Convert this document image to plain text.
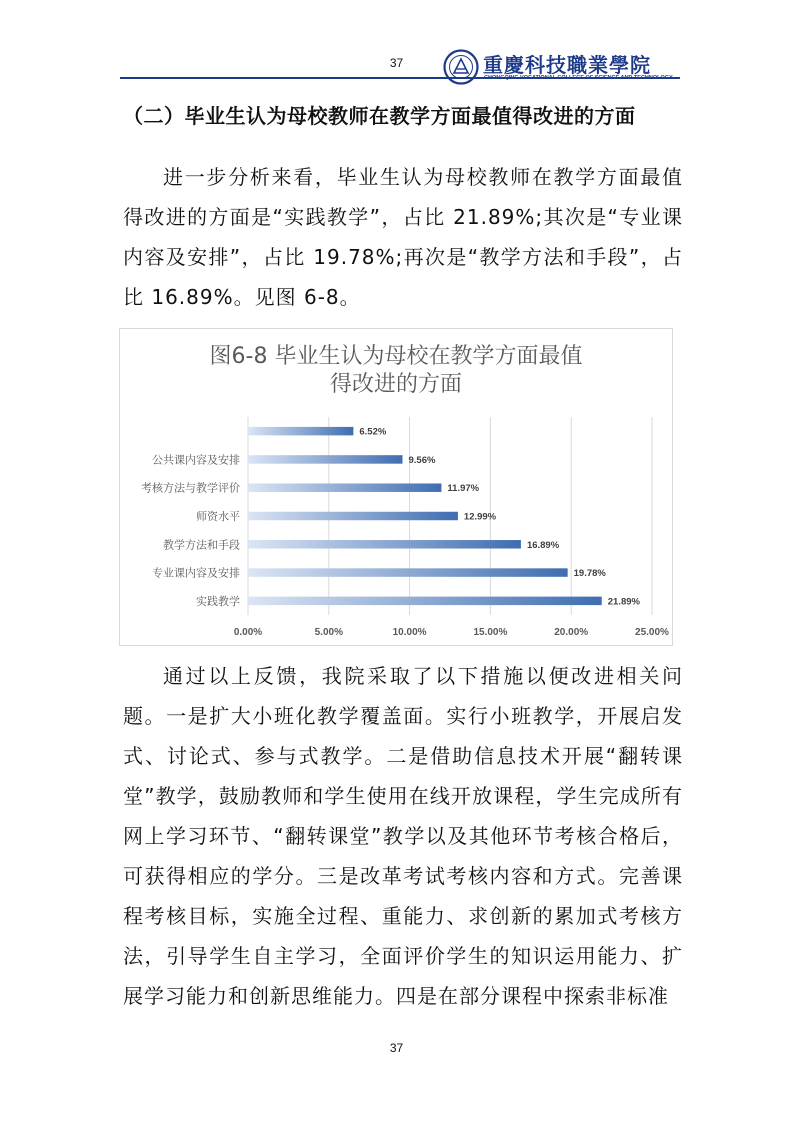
37	重慶科技職業學院
CHONGQING VOCATIONAL COLLEGE OF SCIENCE AND TECHNOLOGY
（二）毕业生认为母校教师在教学方面最值得改进的方面
进一步分析来看，毕业生认为母校教师在教学方面最值得改进的方面是“实践教学”，占比 21.89%;其次是“专业课内容及安排”，占比 19.78%;再次是“教学方法和手段”，占比 16.89%。见图 6-8。
图6-8 毕业生认为母校在教学方面最值
得改进的方面
0.00%	5.00%	10.00%	15.00%	20.00%	25.00%
6.52%
9.56%
公共课内容及安排
11.97%
考核方法与教学评价
12.99%
师资水平
16.89%
教学方法和手段
19.78%
专业课内容及安排
21.89%
实践教学
通过以上反馈，我院采取了以下措施以便改进相关问题。一是扩大小班化教学覆盖面。实行小班教学，开展启发式、讨论式、参与式教学。二是借助信息技术开展“翻转课堂”教学，鼓励教师和学生使用在线开放课程，学生完成所有网上学习环节、“翻转课堂”教学以及其他环节考核合格后，可获得相应的学分。三是改革考试考核内容和方式。完善课程考核目标，实施全过程、重能力、求创新的累加式考核方法，引导学生自主学习，全面评价学生的知识运用能力、扩展学习能力和创新思维能力。四是在部分课程中探索非标准
37
